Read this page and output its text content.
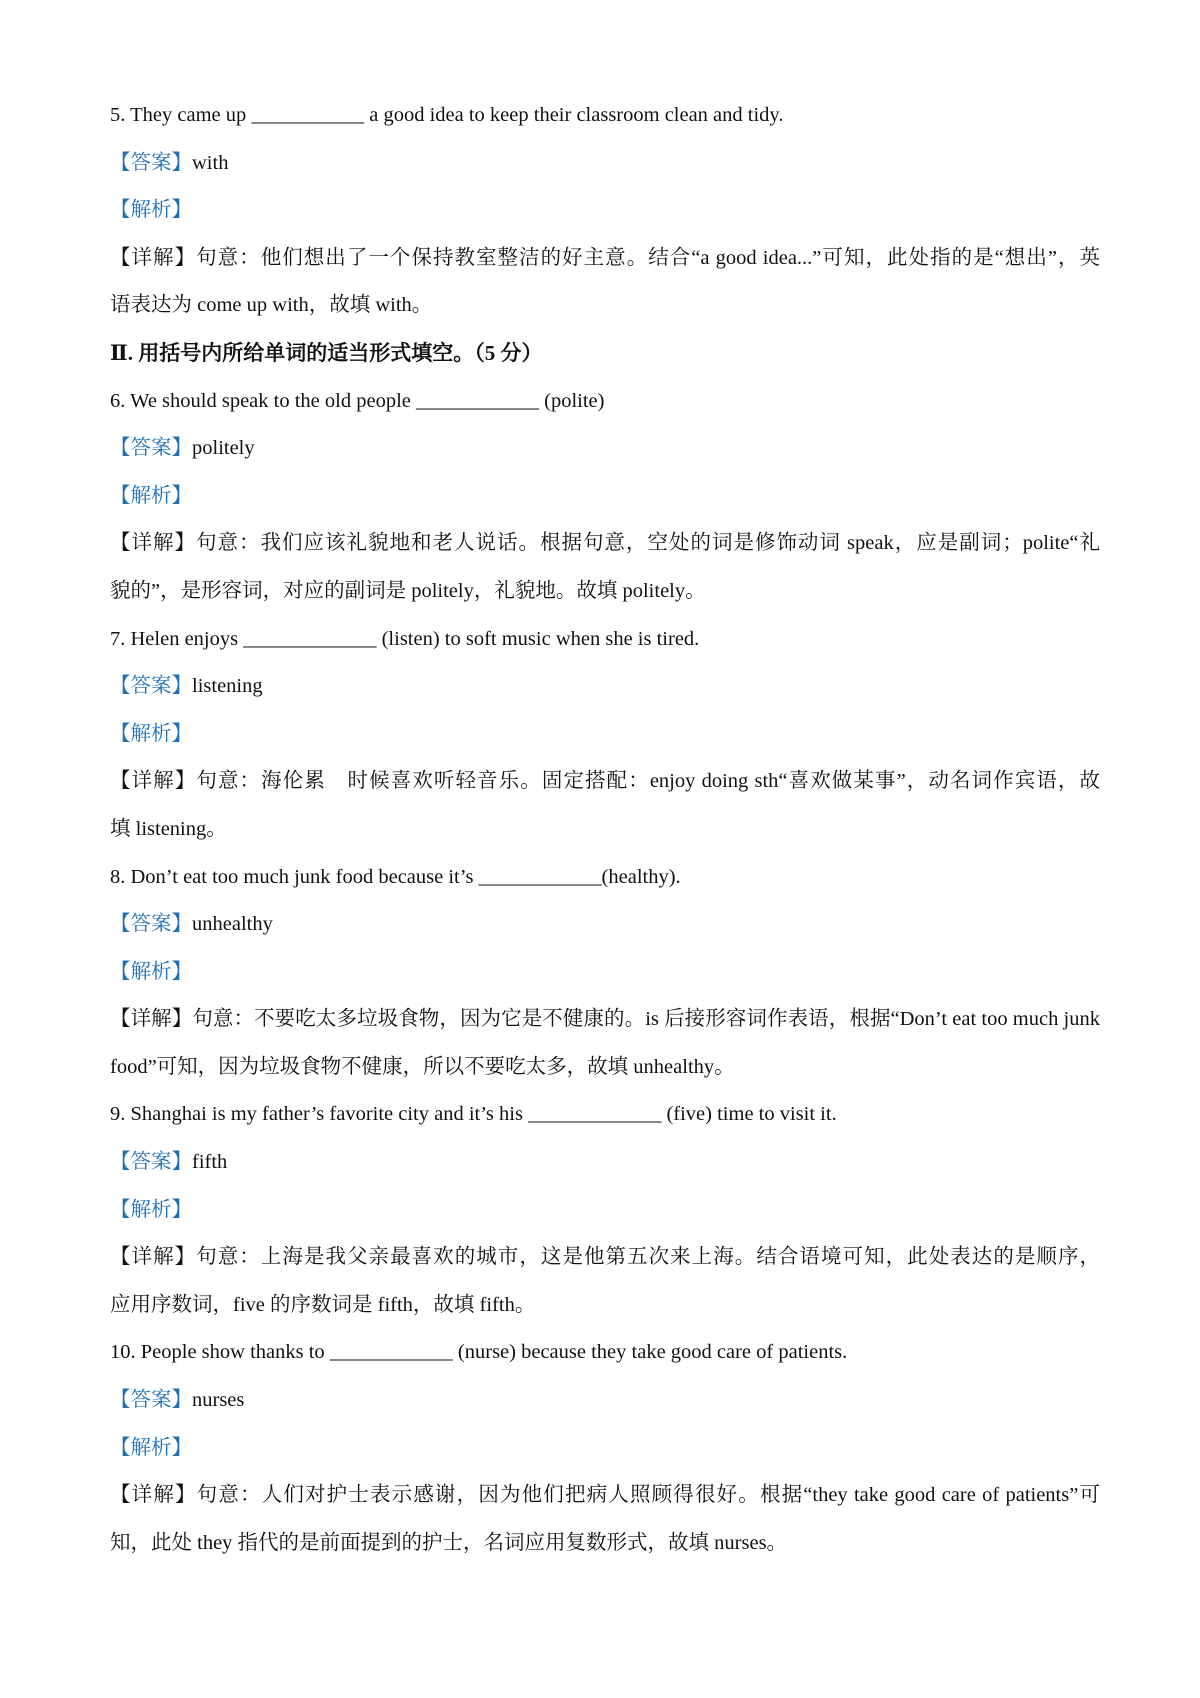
5. They came up ___________ a good idea to keep their classroom clean and tidy.
【答案】with
【解析】
【详解】句意：他们想出了一个保持教室整洁的好主意。结合“a good idea...”可知，此处指的是“想出”，英
语表达为 come up with，故填 with。
Ⅱ. 用括号内所给单词的适当形式填空。（5 分）
6. We should speak to the old people ____________ (polite)
【答案】politely
【解析】
【详解】句意：我们应该礼貌地和老人说话。根据句意，空处的词是修饰动词 speak，应是副词；polite“礼
貌的”，是形容词，对应的副词是 politely，礼貌地。故填 politely。
7. Helen enjoys _____________ (listen) to soft music when she is tired.
【答案】listening
【解析】
【详解】句意：海伦累　时候喜欢听轻音乐。固定搭配：enjoy doing sth“喜欢做某事”，动名词作宾语，故
填 listening。
8. Don’t eat too much junk food because it’s ____________(healthy).
【答案】unhealthy
【解析】
【详解】句意：不要吃太多垃圾食物，因为它是不健康的。is 后接形容词作表语，根据“Don’t eat too much junk
food”可知，因为垃圾食物不健康，所以不要吃太多，故填 unhealthy。
9. Shanghai is my father’s favorite city and it’s his _____________ (five) time to visit it.
【答案】fifth
【解析】
【详解】句意：上海是我父亲最喜欢的城市，这是他第五次来上海。结合语境可知，此处表达的是顺序，
应用序数词，five 的序数词是 fifth，故填 fifth。
10. People show thanks to ____________ (nurse) because they take good care of patients.
【答案】nurses
【解析】
【详解】句意：人们对护士表示感谢，因为他们把病人照顾得很好。根据“they take good care of patients”可
知，此处 they 指代的是前面提到的护士，名词应用复数形式，故填 nurses。
